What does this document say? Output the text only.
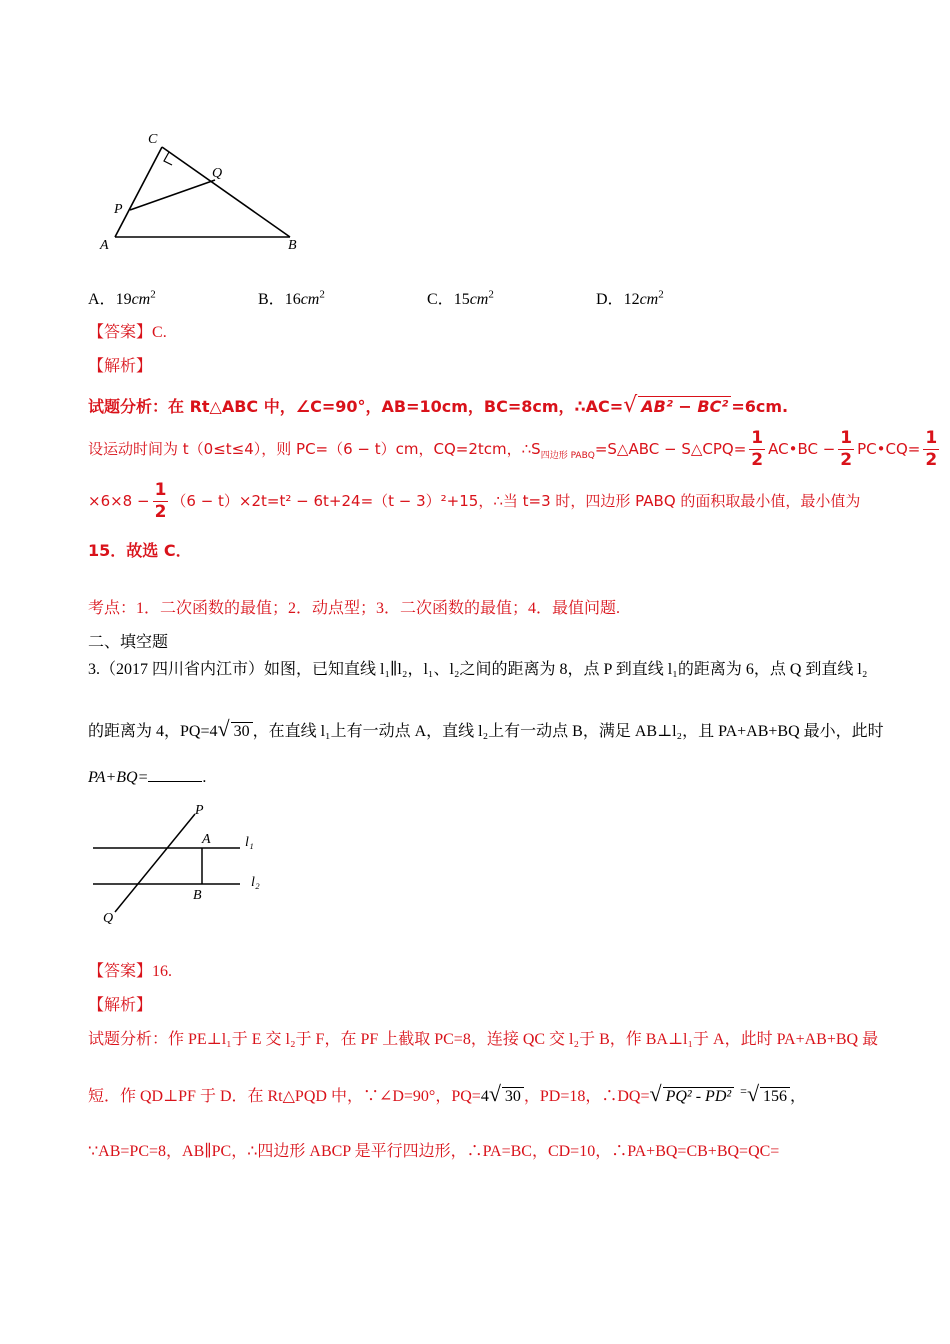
C
Q
P
A	B
A．$19cm^2$	B．$16cm^2$	C．$15cm^2$	D．$12cm^2$
【答案】C.
【解析】
试题分析：在 Rt△ABC 中，∠C=90°，AB=10cm，BC=8cm，∴AC=√ AB² − BC² =6cm.
设运动时间为 t（0≤t≤4），则 PC=（6 − t）cm，CQ=2tcm，$\therefore S_{四边形 PABQ}=S\triangle ABC$ − S△CPQ= $\frac{1}{2}$ AC•BC − $\frac{1}{2}$ PC•CQ= $\frac{1}{2}$
$\times 6\times 8 - \frac{1}{2} (6 - t)\times 2t=t^2 - 6t+24=(t - 3)^2+15$，∴当 t=3 时，四边形 PABQ 的面积取最小值，最小值为
15．故选 C．
考点：1．二次函数的最值；2．动点型；3．二次函数的最值；4．最值问题.
二、填空题
3.（2017 四川省内江市）如图，已知直线 l₁∥l₂，l₁、l₂之间的距离为 8，点 P 到直线 l₁的距离为 6，点 Q 到直线 l₂
的距离为 4，PQ=4√ 30 ，在直线 l₁上有一动点 A，直线 l₂上有一动点 B，满足 AB⊥l₂，且 PA+AB+BQ 最小，此时
PA+BQ=	.
P
A l₁
l₂
B
Q
【答案】16.
【解析】
试题分析：作 PE⊥l₁于 E 交 l₂于 F，在 PF 上截取 PC=8，连接 QC 交 l₂于 B，作 BA⊥l₁于 A，此时 PA+AB+BQ 最
短．作 QD⊥PF 于 D．在 Rt△PQD 中，∵∠D=90°，PQ=4√ 30 ，PD=18，∴DQ=√ PQ² - PD² =√ 156 ，
∵AB=PC=8，AB∥PC，∴四边形 ABCP 是平行四边形，∴PA=BC，CD=10，∴PA+BQ=CB+BQ=QC=
